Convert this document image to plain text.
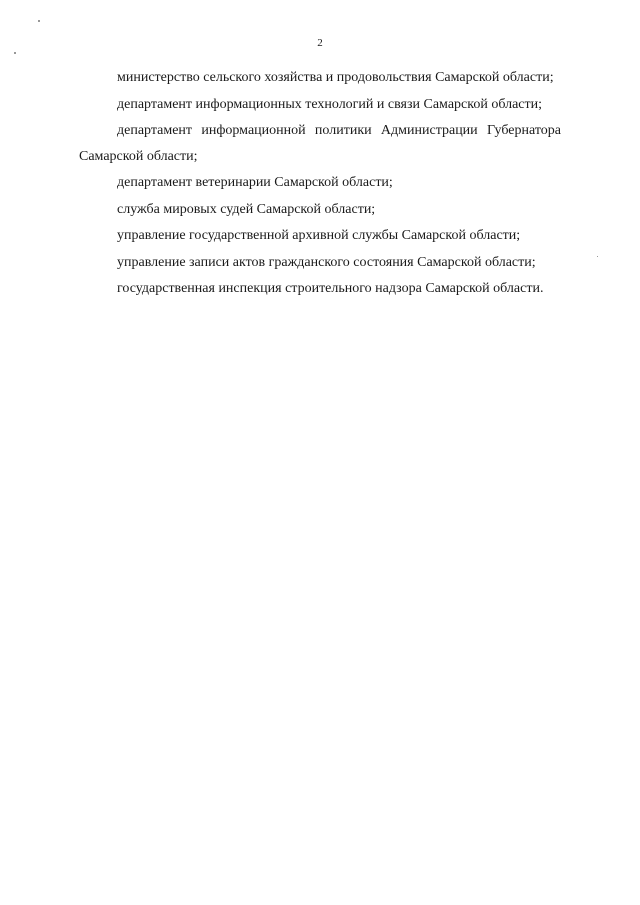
2

министерство сельского хозяйства и продовольствия Самарской области;

департамент информационных технологий и связи Самарской области;

департамент информационной политики Администрации Губернатора Самарской области;

департамент ветеринарии Самарской области;

служба мировых судей Самарской области;

управление государственной архивной службы Самарской области;

управление записи актов гражданского состояния Самарской области;

государственная инспекция строительного надзора Самарской области.
